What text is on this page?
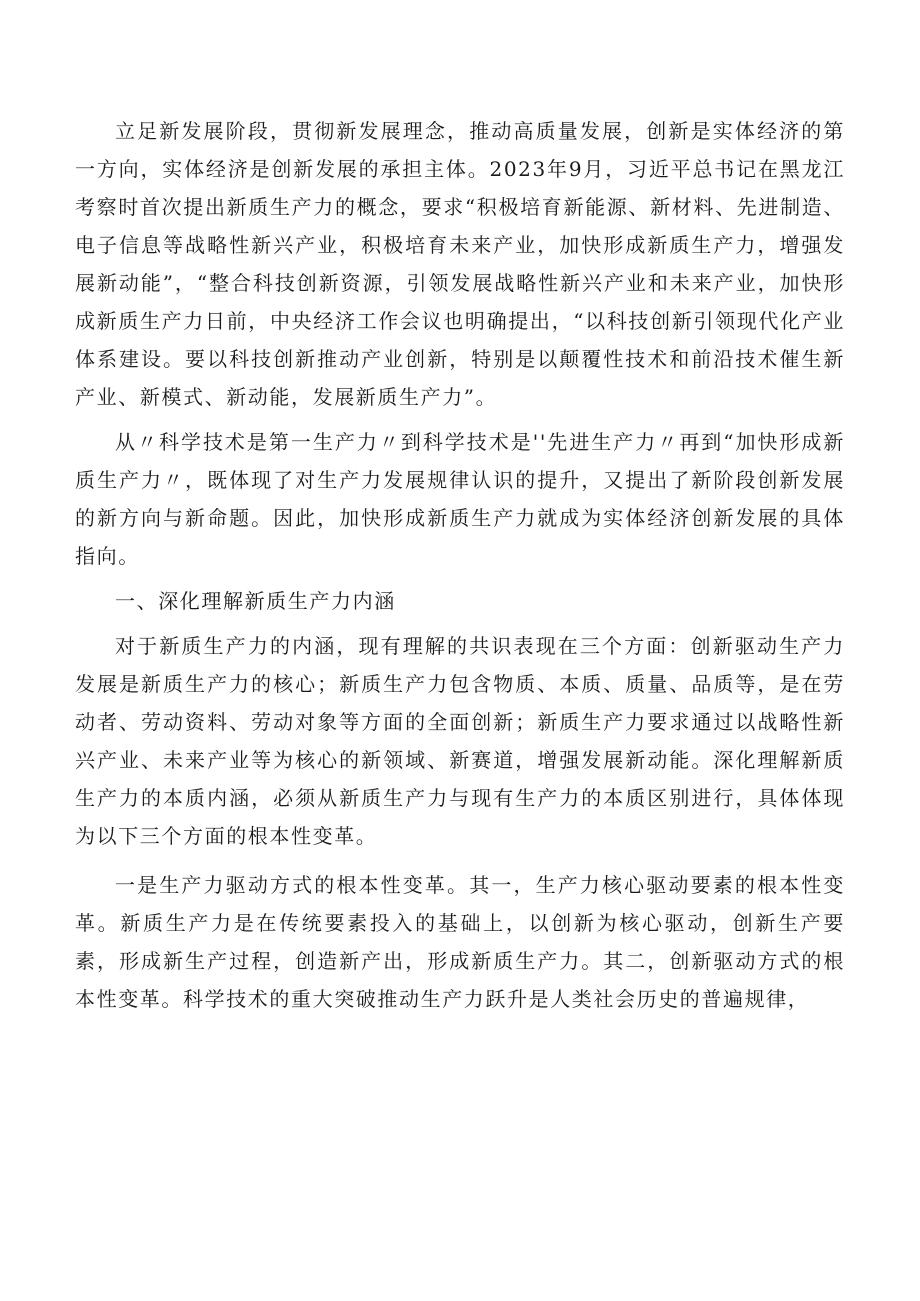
立足新发展阶段，贯彻新发展理念，推动高质量发展，创新是实体经济的第一方向，实体经济是创新发展的承担主体。2023年9月，习近平总书记在黑龙江考察时首次提出新质生产力的概念，要求“积极培育新能源、新材料、先进制造、电子信息等战略性新兴产业，积极培育未来产业，加快形成新质生产力，增强发展新动能”，“整合科技创新资源，引领发展战略性新兴产业和未来产业，加快形成新质生产力日前，中央经济工作会议也明确提出，“以科技创新引领现代化产业体系建设。要以科技创新推动产业创新，特别是以颠覆性技术和前沿技术催生新产业、新模式、新动能，发展新质生产力”。

从〃科学技术是第一生产力〃到科学技术是''先进生产力〃再到“加快形成新质生产力〃，既体现了对生产力发展规律认识的提升，又提出了新阶段创新发展的新方向与新命题。因此，加快形成新质生产力就成为实体经济创新发展的具体指向。

一、深化理解新质生产力内涵

对于新质生产力的内涵，现有理解的共识表现在三个方面：创新驱动生产力发展是新质生产力的核心；新质生产力包含物质、本质、质量、品质等，是在劳动者、劳动资料、劳动对象等方面的全面创新；新质生产力要求通过以战略性新兴产业、未来产业等为核心的新领域、新赛道，增强发展新动能。深化理解新质生产力的本质内涵，必须从新质生产力与现有生产力的本质区别进行，具体体现为以下三个方面的根本性变革。

一是生产力驱动方式的根本性变革。其一，生产力核心驱动要素的根本性变革。新质生产力是在传统要素投入的基础上，以创新为核心驱动，创新生产要素，形成新生产过程，创造新产出，形成新质生产力。其二，创新驱动方式的根本性变革。科学技术的重大突破推动生产力跃升是人类社会历史的普遍规律，
